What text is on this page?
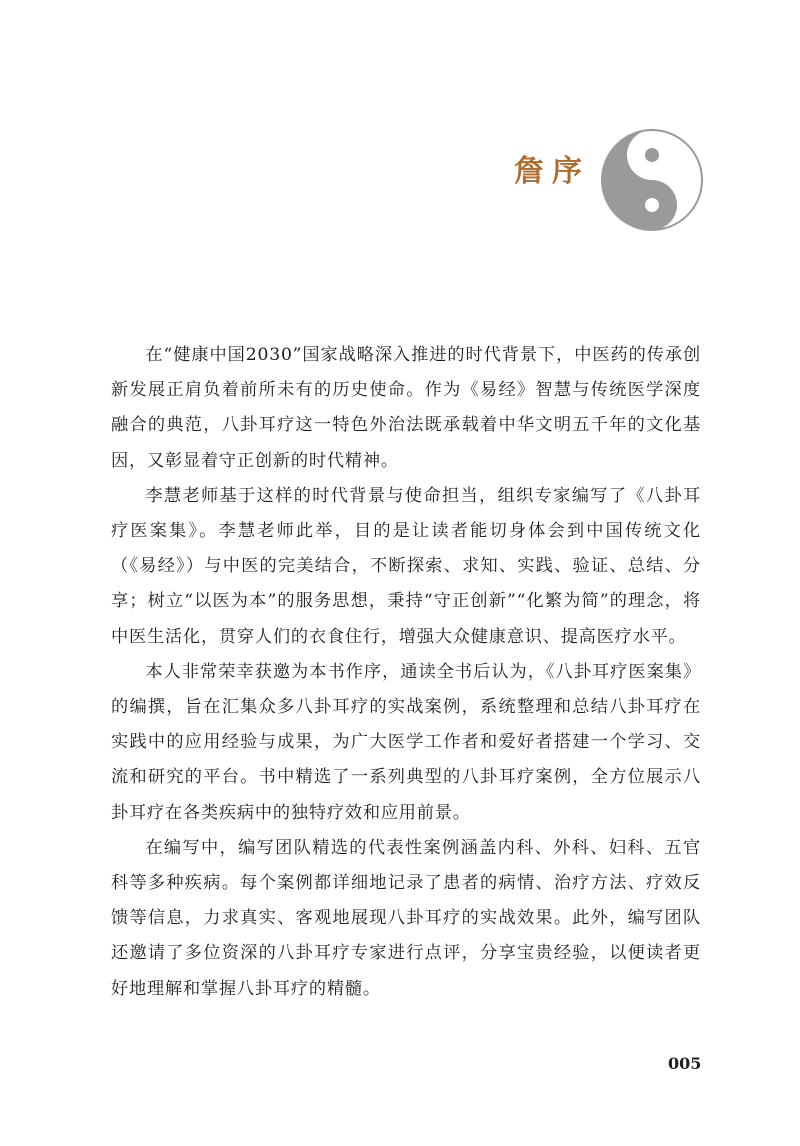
詹序

在“健康中国2030”国家战略深入推进的时代背景下，中医药的传承创新发展正肩负着前所未有的历史使命。作为《易经》智慧与传统医学深度融合的典范，八卦耳疗这一特色外治法既承载着中华文明五千年的文化基因，又彰显着守正创新的时代精神。

李慧老师基于这样的时代背景与使命担当，组织专家编写了《八卦耳疗医案集》。李慧老师此举，目的是让读者能切身体会到中国传统文化（《易经》）与中医的完美结合，不断探索、求知、实践、验证、总结、分享；树立“以医为本”的服务思想，秉持“守正创新”“化繁为简”的理念，将中医生活化，贯穿人们的衣食住行，增强大众健康意识、提高医疗水平。

本人非常荣幸获邀为本书作序，通读全书后认为，《八卦耳疗医案集》的编撰，旨在汇集众多八卦耳疗的实战案例，系统整理和总结八卦耳疗在实践中的应用经验与成果，为广大医学工作者和爱好者搭建一个学习、交流和研究的平台。书中精选了一系列典型的八卦耳疗案例，全方位展示八卦耳疗在各类疾病中的独特疗效和应用前景。

在编写中，编写团队精选的代表性案例涵盖内科、外科、妇科、五官科等多种疾病。每个案例都详细地记录了患者的病情、治疗方法、疗效反馈等信息，力求真实、客观地展现八卦耳疗的实战效果。此外，编写团队还邀请了多位资深的八卦耳疗专家进行点评，分享宝贵经验，以便读者更好地理解和掌握八卦耳疗的精髓。

005
